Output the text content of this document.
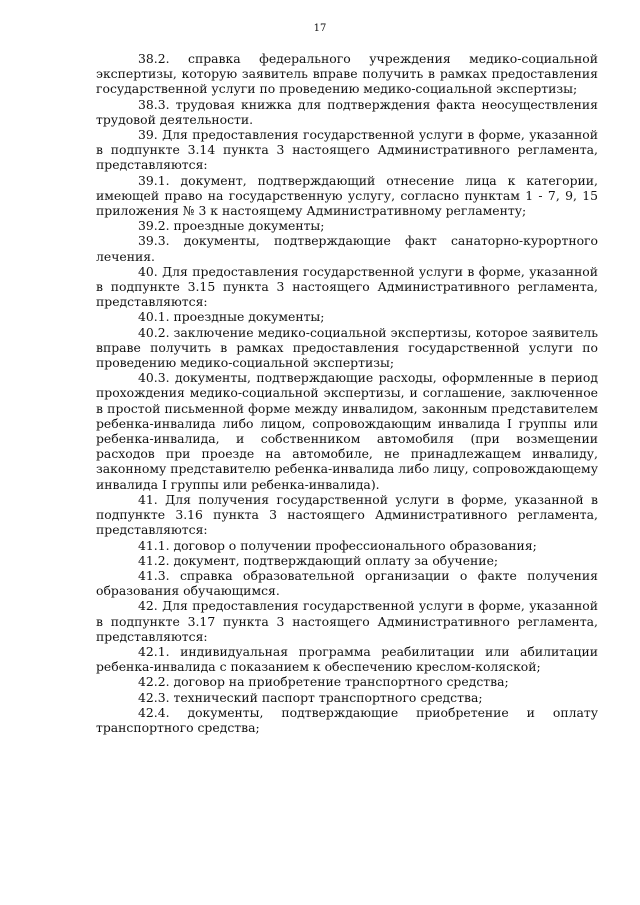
17

38.2. справка федерального учреждения медико-социальной экспертизы, которую заявитель вправе получить в рамках предоставления государственной услуги по проведению медико-социальной экспертизы;

38.3. трудовая книжка для подтверждения факта неосуществления трудовой деятельности.

39. Для предоставления государственной услуги в форме, указанной в подпункте 3.14 пункта 3 настоящего Административного регламента, представляются:

39.1. документ, подтверждающий отнесение лица к категории, имеющей право на государственную услугу, согласно пунктам 1 - 7, 9, 15 приложения № 3 к настоящему Административному регламенту;

39.2. проездные документы;

39.3. документы, подтверждающие факт санаторно-курортного лечения.

40. Для предоставления государственной услуги в форме, указанной в подпункте 3.15 пункта 3 настоящего Административного регламента, представляются:

40.1. проездные документы;

40.2. заключение медико-социальной экспертизы, которое заявитель вправе получить в рамках предоставления государственной услуги по проведению медико-социальной экспертизы;

40.3. документы, подтверждающие расходы, оформленные в период прохождения медико-социальной экспертизы, и соглашение, заключенное в простой письменной форме между инвалидом, законным представителем ребенка-инвалида либо лицом, сопровождающим инвалида I группы или ребенка-инвалида, и собственником автомобиля (при возмещении расходов при проезде на автомобиле, не принадлежащем инвалиду, законному представителю ребенка-инвалида либо лицу, сопровождающему инвалида I группы или ребенка-инвалида).

41. Для получения государственной услуги в форме, указанной в подпункте 3.16 пункта 3 настоящего Административного регламента, представляются:

41.1. договор о получении профессионального образования;

41.2. документ, подтверждающий оплату за обучение;

41.3. справка образовательной организации о факте получения образования обучающимся.

42. Для предоставления государственной услуги в форме, указанной в подпункте 3.17 пункта 3 настоящего Административного регламента, представляются:

42.1. индивидуальная программа реабилитации или абилитации ребенка-инвалида с показанием к обеспечению креслом-коляской;

42.2. договор на приобретение транспортного средства;

42.3. технический паспорт транспортного средства;

42.4. документы, подтверждающие приобретение и оплату транспортного средства;
